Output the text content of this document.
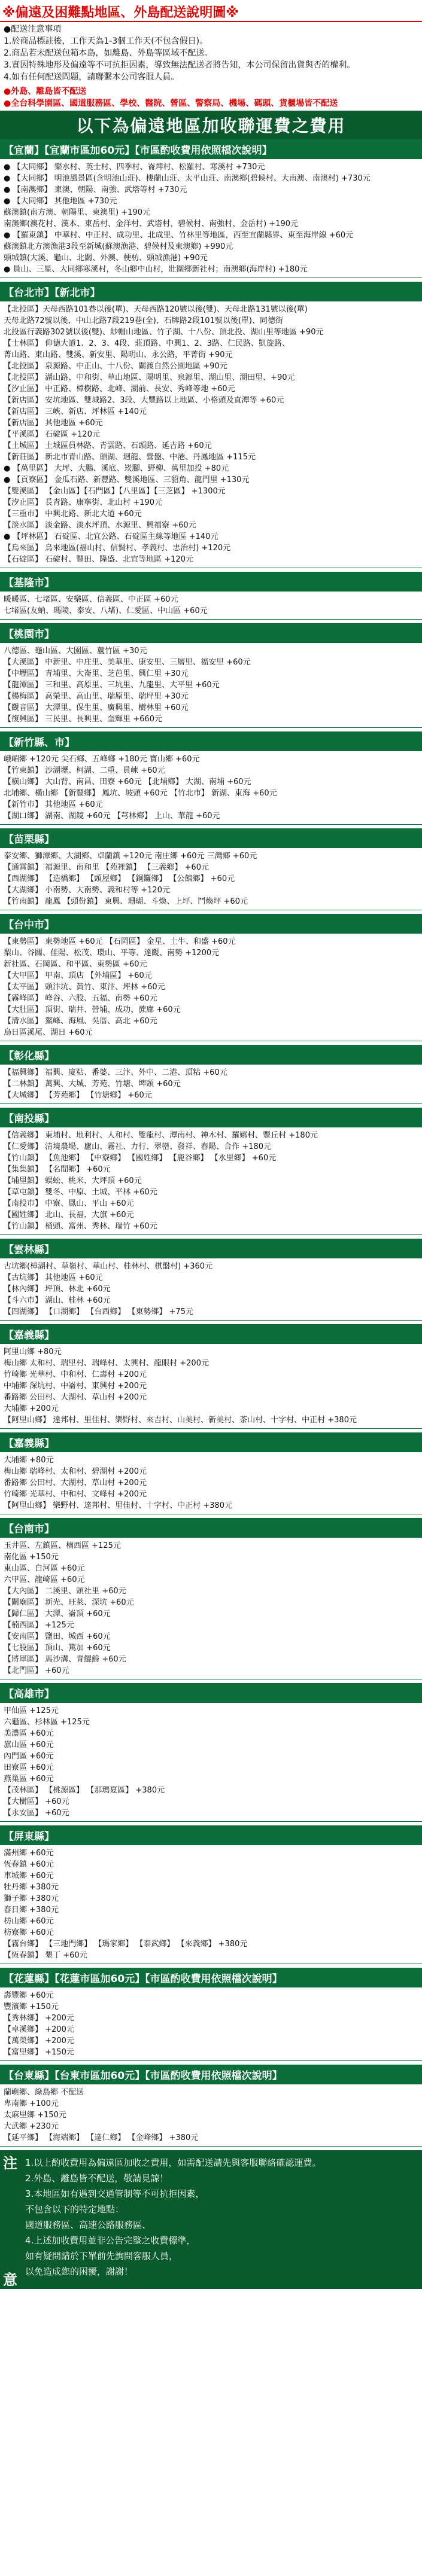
※偏遠及困難點地區、外島配送說明圖※
●配送注意事項
1.於商品標註後，工作天為1-3個工作天(不包含假日)。
2.商品若未配送包箱本島，如離島、外島等區域不配送。
3.實因特殊地形及偏遠等不可抗拒因素，導致無法配送者將告知，本公司保留出貨與否的權利。
4.如有任何配送問題，請聯繫本公司客服人員。
●外島、離島皆不配送
●全台科學園區、國道服務區、學校、醫院、營區、警察局、機場、碼頭、貨櫃場皆不配送
以下為偏遠地區加收聯運費之費用
【宜蘭】【宜蘭市區加60元】【市區酌收費用依照檔次說明】
● 【大同鄉】 樂水村、英士村、四季村、崙埤村、松羅村、寒溪村 +730元
● 【大同鄉】 明池風景區(含明池山莊)、棲蘭山莊、太平山莊、南澳鄉(碧候村、大南澳、南澳村) +730元
● 【南澳鄉】 東澳、朝陽、南強、武塔等村 +730元
● 【大同鄉】 其他地區 +730元
蘇澳鎮(南方澳、朝陽里、東澳里) +190元
南澳鄉(澳花村、漢本、東岳村、金洋村、武塔村、碧候村、南強村、金岳村) +190元
● 【羅東鎮】 中華村、中正村、成功里、北成里、竹林里等地區，西至宜蘭縣界、東至海岸線 +60元
蘇澳鎮北方澳漁港3段至新城(蘇澳漁港、碧候村及東澳鄉) +990元
頭城鎮(大溪、龜山、北關、外澳、梗枋、頭城漁港) +90元
● 員山、三星、大同鄉寒溪村，冬山鄉中山村，壯圍鄉新社村；南澳鄉(海岸村) +180元
【台北市】【新北市】
【北投區】天母西路101巷以後(單)、天母西路120號以後(雙)、天母北路131號以後(單)
天母北路72號以後、中山北路7段219巷(全)、石牌路2段101號以後(單)、同德街
北投區行義路302號以後(雙)、紗帽山地區、竹子湖、十八份、頂北投、湖山里等地區 +90元
【士林區】 仰德大道1、2、3、4段、莊頂路、中興1、2、3路、仁民路、凱旋路、
菁山路、東山路、雙溪、新安里、陽明山、永公路，平菁街 +90元
【北投區】 泉源路、中正山、十八份、關渡自然公園地區 +90元
【北投區】 湖山路、中和街、草山地區、陽明里、泉源里、湖山里、湖田里、+90元
【汐止區】 中正路、樟樹路、北峰、湖前、長安、秀峰等地 +60元
【新店區】 安坑地區、雙城路2、3段、大豐路以上地區、小格頭及直潭等 +60元
【新店區】 三峽、新店、坪林區 +140元
【新店區】 其他地區 +60元
【平溪區】 石碇區 +120元
【土城區】 土城區員林路、青雲路、石頭路、延吉路 +60元
【新莊區】 新北市青山路、頭湖、迴龍、營盤、中港、丹鳳地區 +115元
● 【萬里區】 大坪、大鵬、溪底、崁腳、野柳、萬里加投 +80元
● 【貢寮區】 金瓜石路、新豐路、雙溪地區、三貂角、龍門里 +130元
【雙溪區】 【金山區】【石門區】【八里區】【三芝區】 +1300元
【汐止區】 長青路、康寧街、北山村 +190元
【三重市】 中興北路、新北大道 +60元
【淡水區】 淡金路、淡水坪頂、水源里、興福寮 +60元
● 【坪林區】 石碇區、北宜公路、石碇區主線等地區 +140元
【烏來區】 烏來地區(福山村、信賢村、孝義村、忠治村) +120元
【石碇區】 石碇村、豐田、隆盛、北宜等地區 +120元
【基隆市】
暖暖區、七堵區、安樂區、信義區、中正區 +60元
七堵區(友蚋、瑪陵、泰安、八堵)、仁愛區、中山區 +60元
【桃園市】
八德區、龜山區、大園區、蘆竹區 +30元
【大溪區】 中新里、中庄里、美華里、康安里、三層里、福安里 +60元
【中壢區】 青埔里、大崙里、芝芭里、興仁里 +30元
【龍潭區】 三和里、高原里、三坑里、九龍里、大平里 +60元
【楊梅區】 高榮里、高山里、瑞原里、瑞坪里 +30元
【觀音區】 大潭里、保生里、廣興里、樹林里 +60元
【復興區】 三民里、長興里、奎輝里 +660元
【新竹縣、市】
峨嵋鄉 +120元 尖石鄉、五峰鄉 +180元 寶山鄉 +60元
【竹東鎮】 沙湖壢、柯湖、二重、員崠 +60元
【橫山鄉】 大山背、南昌、田寮 +60元 【北埔鄉】 大湖、南埔 +60元
北埔鄉、橫山鄉 【新豐鄉】 鳳坑、坡頭 +60元 【竹北市】 新湖、東海 +60元
【新竹市】 其他地區 +60元
【湖口鄉】 湖南、湖鏡 +60元 【芎林鄉】 上山、華龍 +60元
【苗栗縣】
泰安鄉、獅潭鄉、大湖鄉、卓蘭鎮 +120元 南庄鄉 +60元 三灣鄉 +60元
【通霄鎮】 福源里、南和里 【苑裡鎮】 【三義鄉】 +60元
【西湖鄉】 【造橋鄉】 【頭屋鄉】 【銅鑼鄉】 【公館鄉】 +60元
【大湖鄉】 小南勢、大南勢、義和村等 +120元
【竹南鎮】 龍鳳 【頭份鎮】 東興、珊瑚、斗煥、上坪、鬥煥坪 +60元
【台中市】
【東勢區】 東勢地區 +60元 【石岡區】 金星、土牛、和盛 +60元
梨山、谷關、佳陽、松茂、環山、平等、達觀、南勢 +1200元
新社區、石岡區、和平區、東勢區 +60元
【大甲區】 甲南、頂店 【外埔區】 +60元
【太平區】 頭汴坑、黃竹、東汴、坪林 +60元
【霧峰區】 峰谷、六股、五福、南勢 +60元
【大肚區】 頂街、瑞井、營埔、成功、蔗廍 +60元
【清水區】 鰲峰、海風、吳厝、高北 +60元
烏日區溪尾、湖日 +60元
【彰化縣】
【福興鄉】 福興、廈粘、番婆、三汴、外中、二港、頂粘 +60元
【二林鎮】 萬興、大城、芳苑、竹塘、埤頭 +60元
【大城鄉】 【芳苑鄉】 【竹塘鄉】 +60元
【南投縣】
【信義鄉】 東埔村、地利村、人和村、雙龍村、潭南村、神木村、羅娜村、豐丘村 +180元
【仁愛鄉】 清境農場、廬山、霧社、力行、翠巒、發祥、春陽、合作 +180元
【竹山鎮】 【魚池鄉】 【中寮鄉】 【國姓鄉】 【鹿谷鄉】 【水里鄉】 +60元
【集集鎮】 【名間鄉】 +60元
【埔里鎮】 蜈蚣、桃米、大坪頂 +60元
【草屯鎮】 雙冬、中原、土城、平林 +60元
【南投市】 中寮、鳳山、平山 +60元
【國姓鄉】 北山、長福、大旗 +60元
【竹山鎮】 桶頭、富州、秀林、瑞竹 +60元
【雲林縣】
古坑鄉(樟湖村、草嶺村、華山村、桂林村、棋盤村) +360元
【古坑鄉】 其他地區 +60元
【林內鄉】 坪頂、林北 +60元
【斗六市】 湖山、桂林 +60元
【四湖鄉】 【口湖鄉】 【台西鄉】 【東勢鄉】 +75元
【嘉義縣】
阿里山鄉 +80元
梅山鄉 太和村、瑞里村、瑞峰村、太興村、龍眼村 +200元
竹崎鄉 光華村、中和村、仁壽村 +200元
中埔鄉 深坑村、中崙村、東興村 +200元
番路鄉 公田村、大湖村、草山村 +200元
大埔鄉 +200元
【阿里山鄉】 達邦村、里佳村、樂野村、來吉村、山美村、新美村、茶山村、十字村、中正村 +380元
【嘉義縣】
大埔鄉 +80元
梅山鄉 瑞峰村、太和村、碧湖村 +200元
番路鄉 公田村、大湖村、草山村 +200元
竹崎鄉 光華村、中和村、文峰村 +200元
【阿里山鄉】 樂野村、達邦村、里佳村、十字村、中正村 +380元
【台南市】
玉井區、左鎮區、楠西區 +125元
南化區 +150元
東山區、白河區 +60元
六甲區、龍崎區 +60元
【大內區】 二溪里、頭社里 +60元
【關廟區】 新光、旺萊、深坑 +60元
【歸仁區】 大潭、崙頂 +60元
【楠西區】 +125元
【安南區】 鹽田、城西 +60元
【七股區】 頂山、篤加 +60元
【將軍區】 馬沙溝、青鯤鯓 +60元
【北門區】 +60元
【高雄市】
甲仙區 +125元
六龜區、杉林區 +125元
美濃區 +60元
旗山區 +60元
內門區 +60元
田寮區 +60元
燕巢區 +60元
【茂林區】 【桃源區】 【那瑪夏區】 +380元
【大樹區】 +60元
【永安區】 +60元
【屏東縣】
滿州鄉 +60元
恆春鎮 +60元
車城鄉 +60元
牡丹鄉 +380元
獅子鄉 +380元
春日鄉 +380元
枋山鄉 +60元
枋寮鄉 +60元
【霧台鄉】 【三地門鄉】 【瑪家鄉】 【泰武鄉】 【來義鄉】 +380元
【恆春鎮】 墾丁 +60元
【花蓮縣】【花蓮市區加60元】【市區酌收費用依照檔次說明】
壽豐鄉 +60元
豐濱鄉 +150元
【秀林鄉】 +200元
【卓溪鄉】 +200元
【萬榮鄉】 +200元
【富里鄉】 +150元
【台東縣】【台東市區加60元】【市區酌收費用依照檔次說明】
蘭嶼鄉、綠島鄉 不配送
卑南鄉 +100元
太麻里鄉 +150元
大武鄉 +230元
【延平鄉】 【海端鄉】 【達仁鄉】 【金峰鄉】 +380元
注
意
1.以上酌收費用為偏遠區加收之費用，如需配送請先與客服聯絡確認運費。
2.外島、離島皆不配送，敬請見諒！
3.本地區如有遇到交通管制等不可抗拒因素，
不包含以下的特定地點：
國道服務區、高速公路服務區、
4.上述加收費用並非公告完整之收費標準，
如有疑問請於下單前先詢問客服人員，
以免造成您的困擾，謝謝！
